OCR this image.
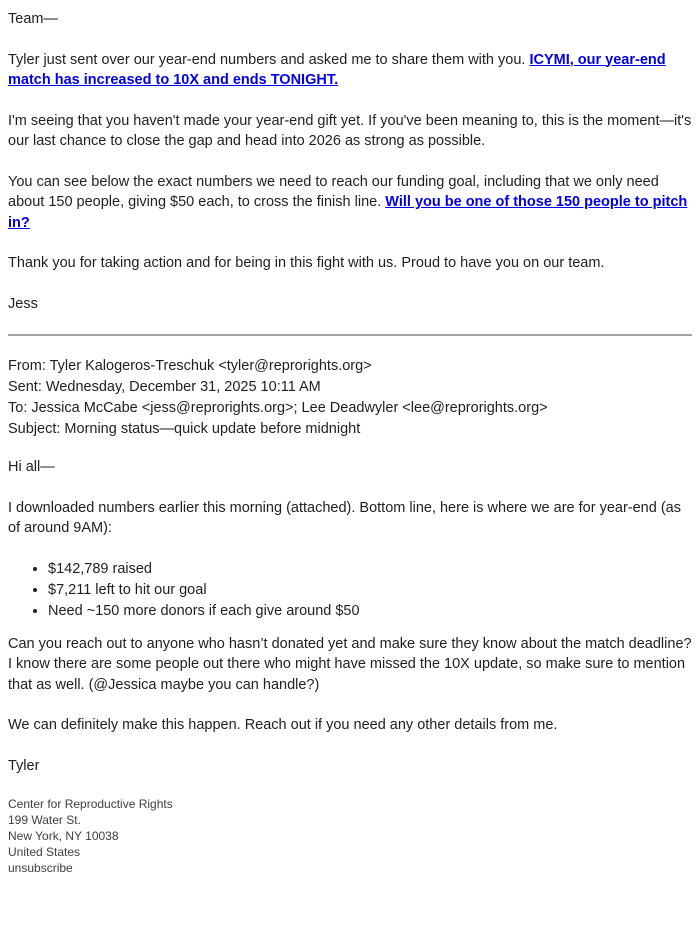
Team—

Tyler just sent over our year-end numbers and asked me to share them with you. ICYMI, our year-end match has increased to 10X and ends TONIGHT.

I'm seeing that you haven't made your year-end gift yet. If you've been meaning to, this is the moment—it's our last chance to close the gap and head into 2026 as strong as possible.

You can see below the exact numbers we need to reach our funding goal, including that we only need about 150 people, giving $50 each, to cross the finish line. Will you be one of those 150 people to pitch in?

Thank you for taking action and for being in this fight with us. Proud to have you on our team.

Jess

From: Tyler Kalogeros-Treschuk <tyler@reprorights.org>
Sent: Wednesday, December 31, 2025 10:11 AM
To: Jessica McCabe <jess@reprorights.org>; Lee Deadwyler <lee@reprorights.org>
Subject: Morning status—quick update before midnight

Hi all—

I downloaded numbers earlier this morning (attached). Bottom line, here is where we are for year-end (as of around 9AM):

• $142,789 raised
• $7,211 left to hit our goal
• Need ~150 more donors if each give around $50

Can you reach out to anyone who hasn’t donated yet and make sure they know about the match deadline? I know there are some people out there who might have missed the 10X update, so make sure to mention that as well. (@Jessica maybe you can handle?)

We can definitely make this happen. Reach out if you need any other details from me.

Tyler

Center for Reproductive Rights
199 Water St.
New York, NY 10038
United States
unsubscribe
